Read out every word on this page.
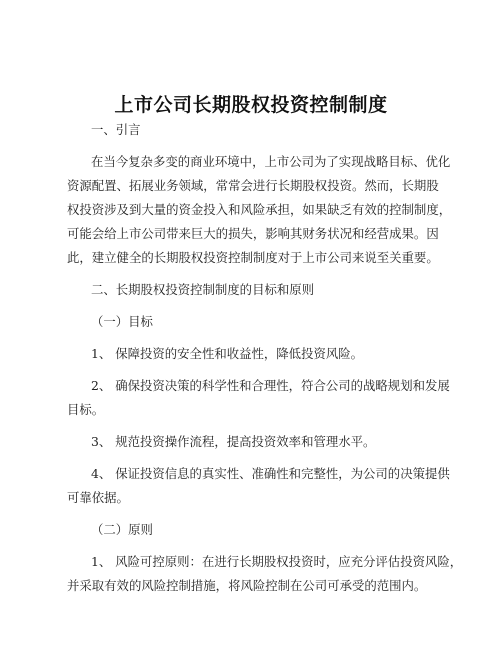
上市公司长期股权投资控制制度
一、引言
在当今复杂多变的商业环境中，上市公司为了实现战略目标、优化
资源配置、拓展业务领域，常常会进行长期股权投资。然而，长期股
权投资涉及到大量的资金投入和风险承担，如果缺乏有效的控制制度，
可能会给上市公司带来巨大的损失，影响其财务状况和经营成果。因
此，建立健全的长期股权投资控制制度对于上市公司来说至关重要。
二、长期股权投资控制制度的目标和原则
（一）目标
1、 保障投资的安全性和收益性，降低投资风险。
2、 确保投资决策的科学性和合理性，符合公司的战略规划和发展
目标。
3、 规范投资操作流程，提高投资效率和管理水平。
4、 保证投资信息的真实性、准确性和完整性，为公司的决策提供
可靠依据。
（二）原则
1、 风险可控原则：在进行长期股权投资时，应充分评估投资风险，
并采取有效的风险控制措施，将风险控制在公司可承受的范围内。
